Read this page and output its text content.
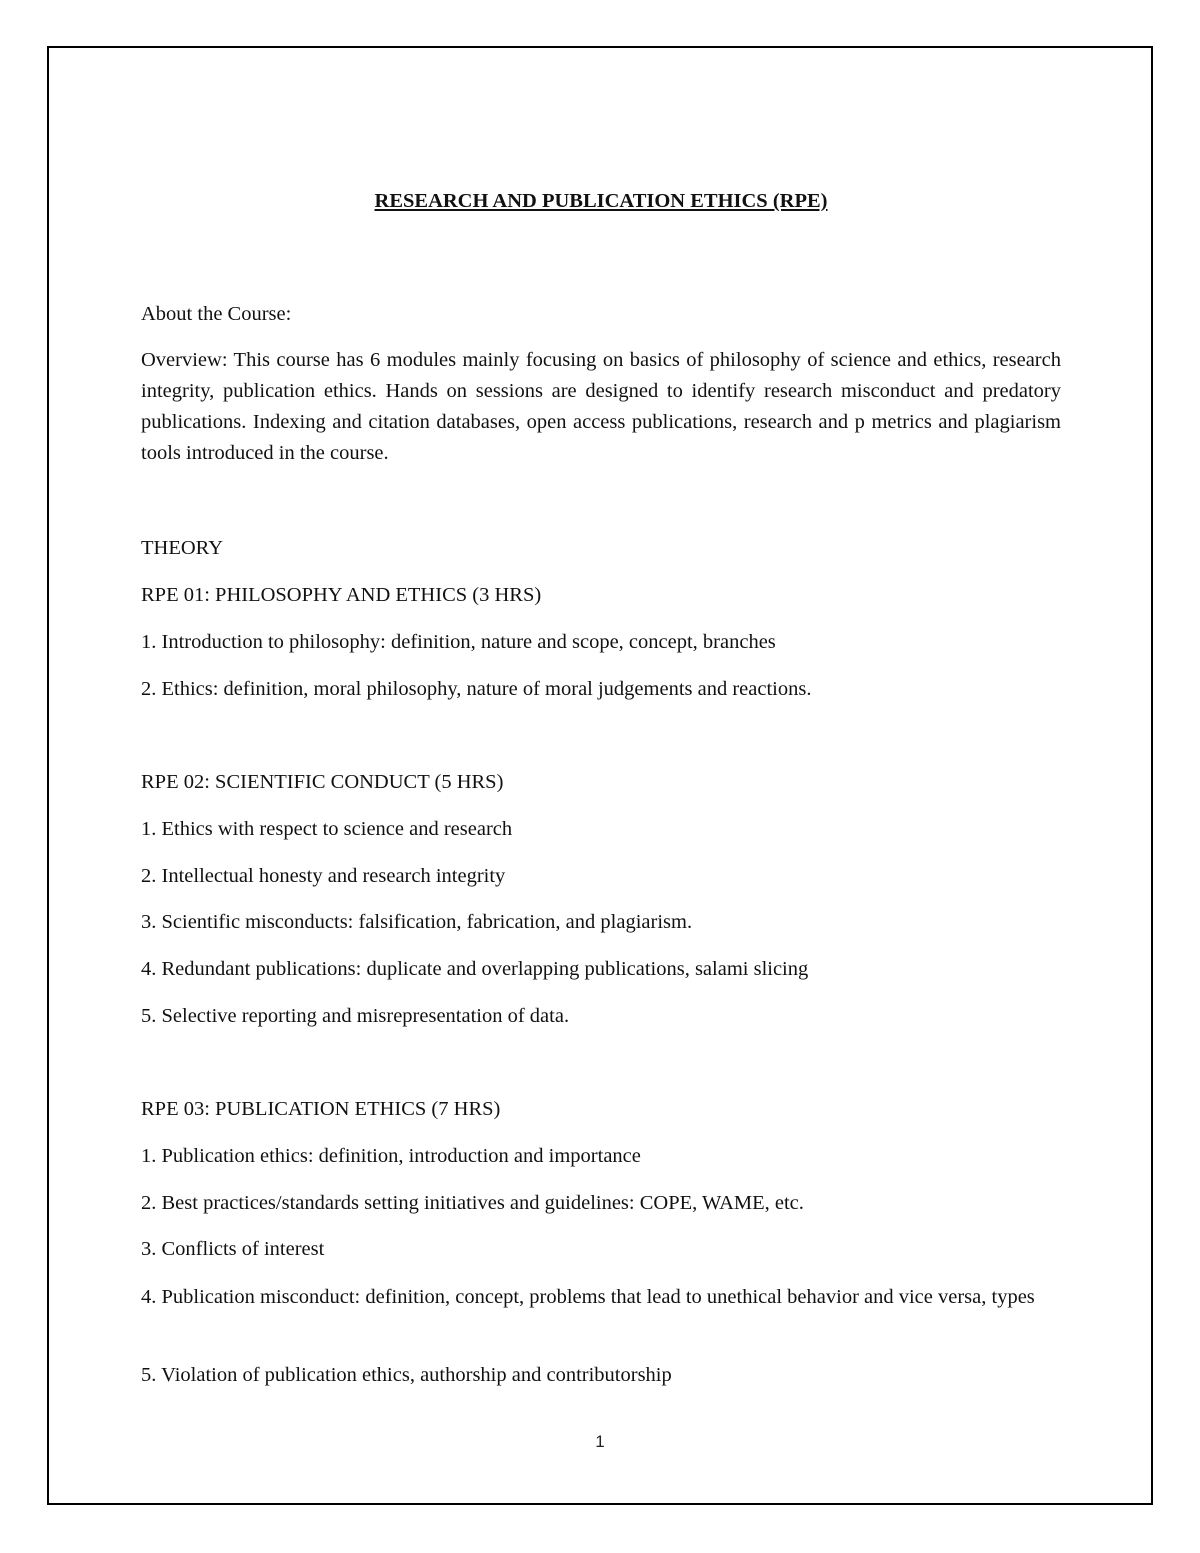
RESEARCH AND PUBLICATION ETHICS (RPE)
About the Course:
Overview: This course has 6 modules mainly focusing on basics of philosophy of science and ethics, research integrity, publication ethics. Hands on sessions are designed to identify research misconduct and predatory publications. Indexing and citation databases, open access publications, research and p metrics and plagiarism tools introduced in the course.
THEORY
RPE 01: PHILOSOPHY AND ETHICS (3 HRS)
1. Introduction to philosophy: definition, nature and scope, concept, branches
2. Ethics: definition, moral philosophy, nature of moral judgements and reactions.
RPE 02: SCIENTIFIC CONDUCT (5 HRS)
1. Ethics with respect to science and research
2. Intellectual honesty and research integrity
3. Scientific misconducts: falsification, fabrication, and plagiarism.
4. Redundant publications: duplicate and overlapping publications, salami slicing
5. Selective reporting and misrepresentation of data.
RPE 03: PUBLICATION ETHICS (7 HRS)
1. Publication ethics: definition, introduction and importance
2. Best practices/standards setting initiatives and guidelines: COPE, WAME, etc.
3. Conflicts of interest
4. Publication misconduct: definition, concept, problems that lead to unethical behavior and vice versa, types
5. Violation of publication ethics, authorship and contributorship
1
